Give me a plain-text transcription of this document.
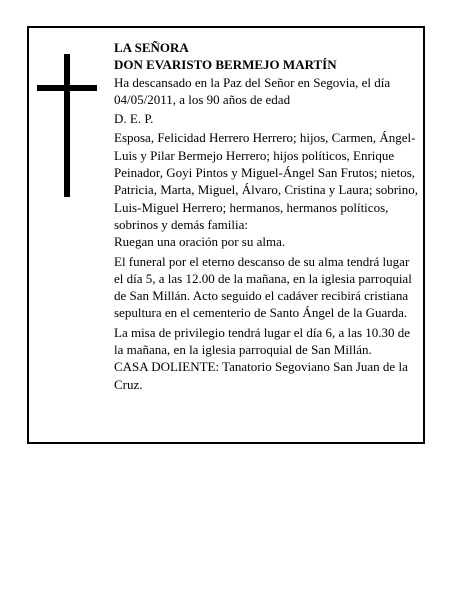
LA SEÑORA

DON EVARISTO BERMEJO MARTÍN

Ha descansado en la Paz del Señor en Segovia, el día 04/05/2011, a los 90 años de edad

D. E. P.

Esposa, Felicidad Herrero Herrero; hijos, Carmen, Ángel-Luis y Pilar Bermejo Herrero; hijos políticos, Enrique Peinador, Goyi Pintos y Miguel-Ángel San Frutos; nietos, Patricia, Marta, Miguel, Álvaro, Cristina y Laura; sobrino, Luis-Miguel Herrero; hermanos, hermanos políticos, sobrinos y demás familia:

Ruegan una oración por su alma.

El funeral por el eterno descanso de su alma tendrá lugar el día 5, a las 12.00 de la mañana, en la iglesia parroquial de San Millán. Acto seguido el cadáver recibirá cristiana sepultura en el cementerio de Santo Ángel de la Guarda.

La misa de privilegio tendrá lugar el día 6, a las 10.30 de la mañana, en la iglesia parroquial de San Millán.

CASA DOLIENTE: Tanatorio Segoviano San Juan de la Cruz.
